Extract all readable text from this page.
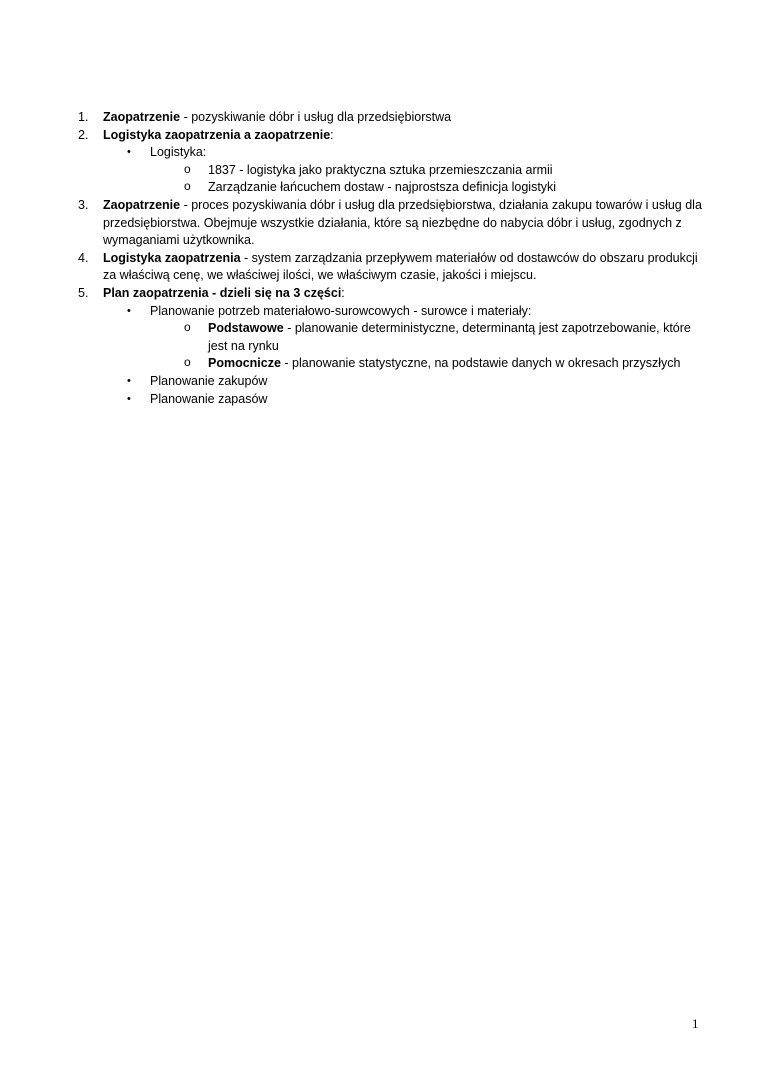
1.	Zaopatrzenie - pozyskiwanie dóbr i usług dla przedsiębiorstwa
2.	Logistyka zaopatrzenia a zaopatrzenie:
• Logistyka:
o 1837 - logistyka jako praktyczna sztuka przemieszczania armii
o Zarządzanie łańcuchem dostaw - najprostsza definicja logistyki
3.	Zaopatrzenie - proces pozyskiwania dóbr i usług dla przedsiębiorstwa, działania zakupu towarów i usług dla przedsiębiorstwa. Obejmuje wszystkie działania, które są niezbędne do nabycia dóbr i usług, zgodnych z wymaganiami użytkownika.
4.	Logistyka zaopatrzenia - system zarządzania przepływem materiałów od dostawców do obszaru produkcji za właściwą cenę, we właściwej ilości, we właściwym czasie, jakości i miejscu.
5.	Plan zaopatrzenia - dzieli się na 3 części:
• Planowanie potrzeb materiałowo-surowcowych - surowce i materiały:
o Podstawowe - planowanie deterministyczne, determinantą jest zapotrzebowanie, które jest na rynku
o Pomocnicze - planowanie statystyczne, na podstawie danych w okresach przyszłych
• Planowanie zakupów
• Planowanie zapasów
1
